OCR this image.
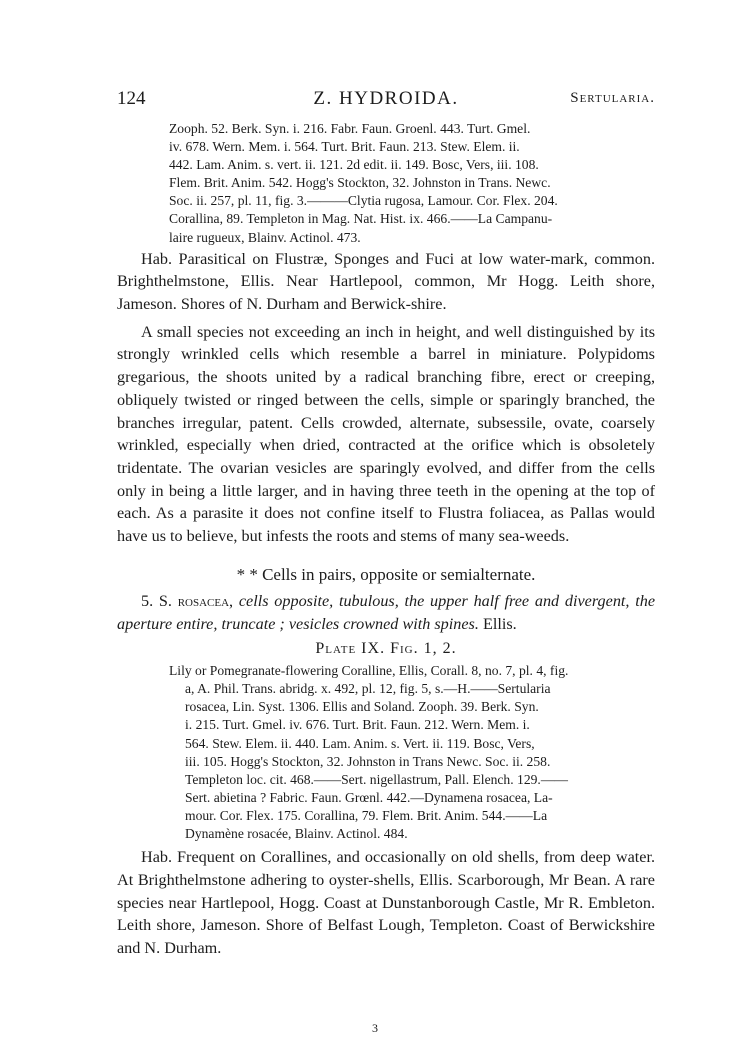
124	Z. HYDROIDA.	Sertularia.
Zooph. 52. Berk. Syn. i. 216. Fabr. Faun. Groenl. 443. Turt. Gmel.
iv. 678. Wern. Mem. i. 564. Turt. Brit. Faun. 213. Stew. Elem. ii.
442. Lam. Anim. s. vert. ii. 121. 2d edit. ii. 149. Bosc, Vers, iii. 108.
Flem. Brit. Anim. 542. Hogg's Stockton, 32. Johnston in Trans. Newc.
Soc. ii. 257, pl. 11, fig. 3.———Clytia rugosa, Lamour. Cor. Flex. 204.
Corallina, 89. Templeton in Mag. Nat. Hist. ix. 466.——La Campanu-
laire rugueux, Blainv. Actinol. 473.

Hab. Parasitical on Flustræ, Sponges and Fuci at low water-mark, common. Brighthelmstone, Ellis. Near Hartlepool, common, Mr Hogg. Leith shore, Jameson. Shores of N. Durham and Berwick-shire.

A small species not exceeding an inch in height, and well distinguished by its strongly wrinkled cells which resemble a barrel in miniature. Polypidoms gregarious, the shoots united by a radical branching fibre, erect or creeping, obliquely twisted or ringed between the cells, simple or sparingly branched, the branches irregular, patent. Cells crowded, alternate, subsessile, ovate, coarsely wrinkled, especially when dried, contracted at the orifice which is obsoletely tridentate. The ovarian vesicles are sparingly evolved, and differ from the cells only in being a little larger, and in having three teeth in the opening at the top of each. As a parasite it does not confine itself to Flustra foliacea, as Pallas would have us to believe, but infests the roots and stems of many sea-weeds.

* * Cells in pairs, opposite or semialternate.

5. S. rosacea, cells opposite, tubulous, the upper half free and divergent, the aperture entire, truncate ; vesicles crowned with spines. Ellis.

Plate IX. Fig. 1, 2.

Lily or Pomegranate-flowering Coralline, Ellis, Corall. 8, no. 7, pl. 4, fig.
a, A. Phil. Trans. abridg. x. 492, pl. 12, fig. 5, s.—H.——Sertularia
rosacea, Lin. Syst. 1306. Ellis and Soland. Zooph. 39. Berk. Syn.
i. 215. Turt. Gmel. iv. 676. Turt. Brit. Faun. 212. Wern. Mem. i.
564. Stew. Elem. ii. 440. Lam. Anim. s. Vert. ii. 119. Bosc, Vers,
iii. 105. Hogg's Stockton, 32. Johnston in Trans Newc. Soc. ii. 258.
Templeton loc. cit. 468.——Sert. nigellastrum, Pall. Elench. 129.——
Sert. abietina ? Fabric. Faun. Grœnl. 442.—Dynamena rosacea, La-
mour. Cor. Flex. 175. Corallina, 79. Flem. Brit. Anim. 544.——La
Dynamène rosacée, Blainv. Actinol. 484.

Hab. Frequent on Corallines, and occasionally on old shells, from deep water. At Brighthelmstone adhering to oyster-shells, Ellis. Scarborough, Mr Bean. A rare species near Hartlepool, Hogg. Coast at Dunstanborough Castle, Mr R. Embleton. Leith shore, Jameson. Shore of Belfast Lough, Templeton. Coast of Berwickshire and N. Durham.

3
